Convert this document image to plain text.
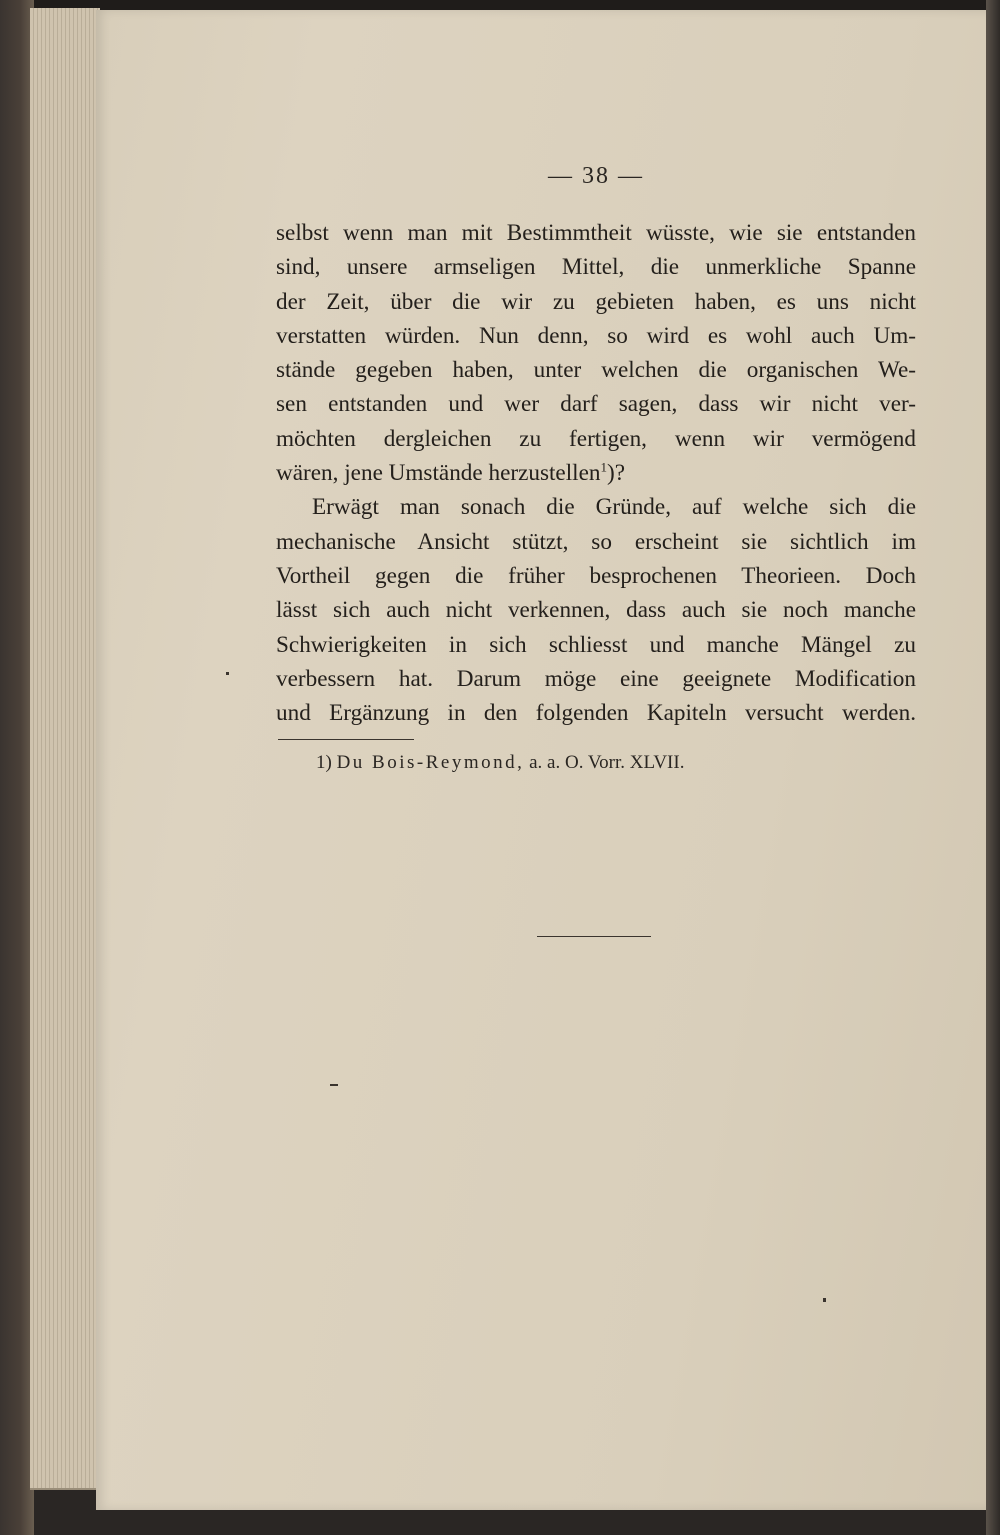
— 38 —
selbst wenn man mit Bestimmtheit wüsste, wie sie entstanden
sind, unsere armseligen Mittel, die unmerkliche Spanne
der Zeit, über die wir zu gebieten haben, es uns nicht
verstatten würden. Nun denn, so wird es wohl auch Um-
stände gegeben haben, unter welchen die organischen We-
sen entstanden und wer darf sagen, dass wir nicht ver-
möchten dergleichen zu fertigen, wenn wir vermögend
wären, jene Umstände herzustellen$^1$)?
Erwägt man sonach die Gründe, auf welche sich die
mechanische Ansicht stützt, so erscheint sie sichtlich im
Vortheil gegen die früher besprochenen Theorieen. Doch
lässt sich auch nicht verkennen, dass auch sie noch manche
Schwierigkeiten in sich schliesst und manche Mängel zu
verbessern hat. Darum möge eine geeignete Modification
und Ergänzung in den folgenden Kapiteln versucht werden.
1) Du Bois-Reymond, a. a. O. Vorr. XLVII.
